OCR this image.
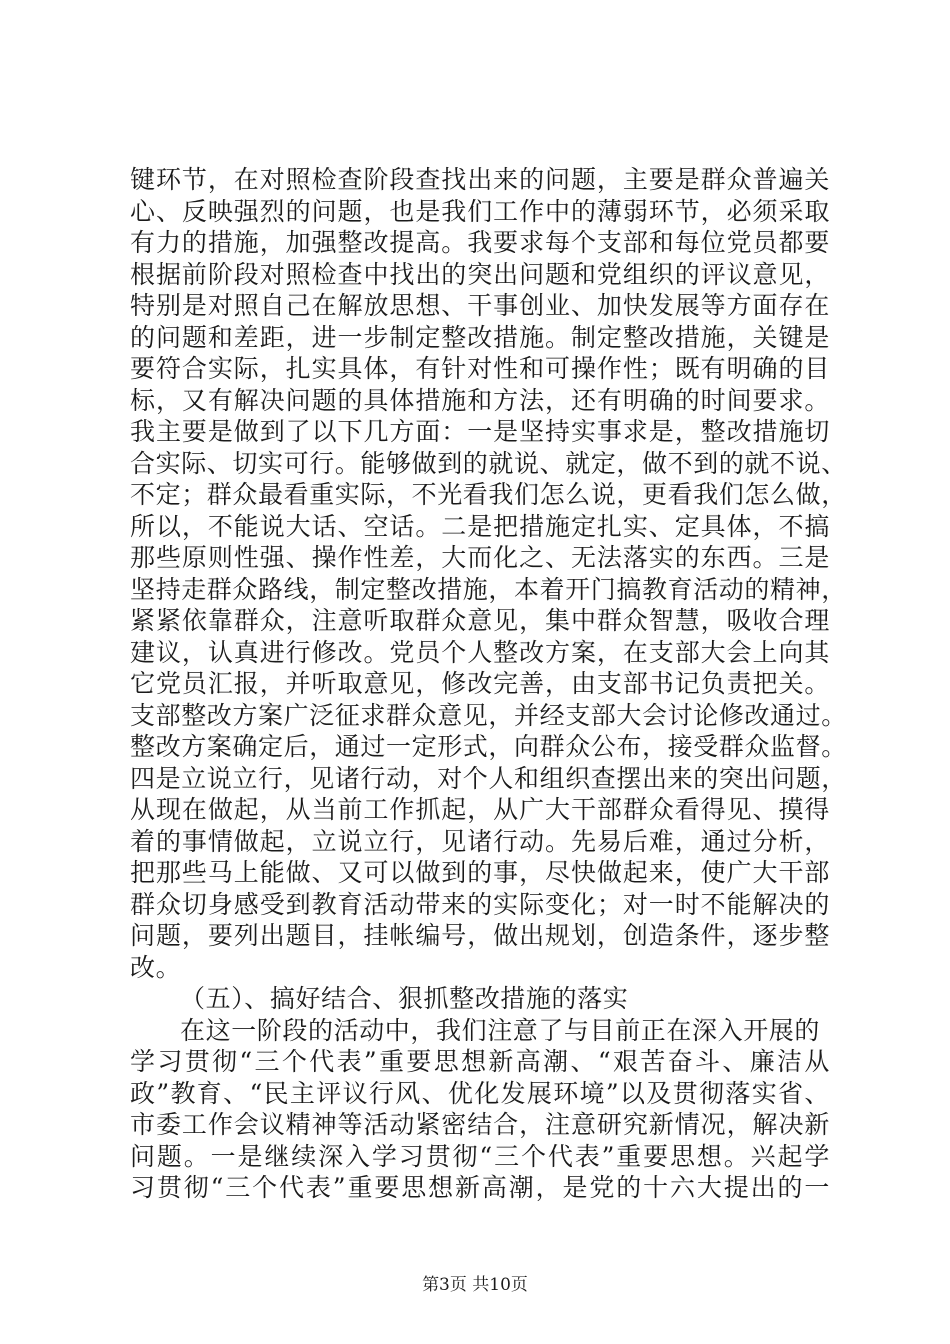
键环节，在对照检查阶段查找出来的问题，主要是群众普遍关
心、反映强烈的问题，也是我们工作中的薄弱环节，必须采取
有力的措施，加强整改提高。我要求每个支部和每位党员都要
根据前阶段对照检查中找出的突出问题和党组织的评议意见，
特别是对照自己在解放思想、干事创业、加快发展等方面存在
的问题和差距，进一步制定整改措施。制定整改措施，关键是
要符合实际，扎实具体，有针对性和可操作性；既有明确的目
标，又有解决问题的具体措施和方法，还有明确的时间要求。
我主要是做到了以下几方面：一是坚持实事求是，整改措施切
合实际、切实可行。能够做到的就说、就定，做不到的就不说、
不定；群众最看重实际，不光看我们怎么说，更看我们怎么做，
所以，不能说大话、空话。二是把措施定扎实、定具体，不搞
那些原则性强、操作性差，大而化之、无法落实的东西。三是
坚持走群众路线，制定整改措施，本着开门搞教育活动的精神，
紧紧依靠群众，注意听取群众意见，集中群众智慧，吸收合理
建议，认真进行修改。党员个人整改方案，在支部大会上向其
它党员汇报，并听取意见，修改完善，由支部书记负责把关。
支部整改方案广泛征求群众意见，并经支部大会讨论修改通过。
整改方案确定后，通过一定形式，向群众公布，接受群众监督。
四是立说立行，见诸行动，对个人和组织查摆出来的突出问题，
从现在做起，从当前工作抓起，从广大干部群众看得见、摸得
着的事情做起，立说立行，见诸行动。先易后难，通过分析，
把那些马上能做、又可以做到的事，尽快做起来，使广大干部
群众切身感受到教育活动带来的实际变化；对一时不能解决的
问题，要列出题目，挂帐编号，做出规划，创造条件，逐步整
改。
（五）、搞好结合、狠抓整改措施的落实
在这一阶段的活动中，我们注意了与目前正在深入开展的
学习贯彻“三个代表”重要思想新高潮、“艰苦奋斗、廉洁从
政”教育、“民主评议行风、优化发展环境”以及贯彻落实省、
市委工作会议精神等活动紧密结合，注意研究新情况，解决新
问题。一是继续深入学习贯彻“三个代表”重要思想。兴起学
习贯彻“三个代表”重要思想新高潮，是党的十六大提出的一
第3页 共10页
